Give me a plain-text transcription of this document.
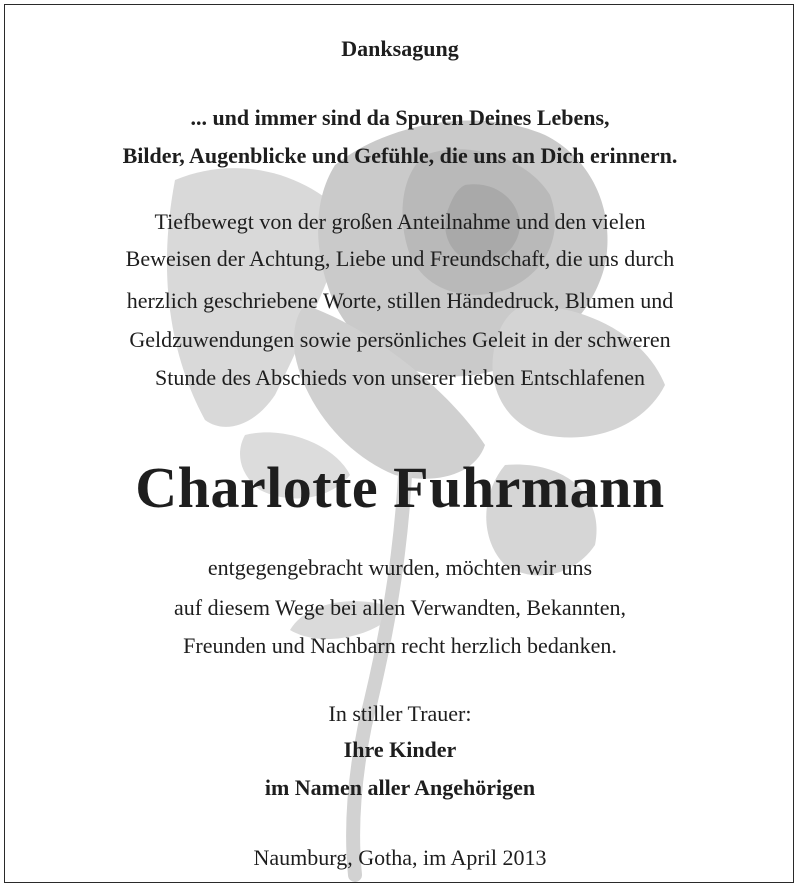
Danksagung
... und immer sind da Spuren Deines Lebens,
Bilder, Augenblicke und Gefühle, die uns an Dich erinnern.
Tiefbewegt von der großen Anteilnahme und den vielen
Beweisen der Achtung, Liebe und Freundschaft, die uns durch
herzlich geschriebene Worte, stillen Händedruck, Blumen und
Geldzuwendungen sowie persönliches Geleit in der schweren
Stunde des Abschieds von unserer lieben Entschlafenen
Charlotte Fuhrmann
entgegengebracht wurden, möchten wir uns
auf diesem Wege bei allen Verwandten, Bekannten,
Freunden und Nachbarn recht herzlich bedanken.
In stiller Trauer:
Ihre Kinder
im Namen aller Angehörigen
Naumburg, Gotha, im April 2013
